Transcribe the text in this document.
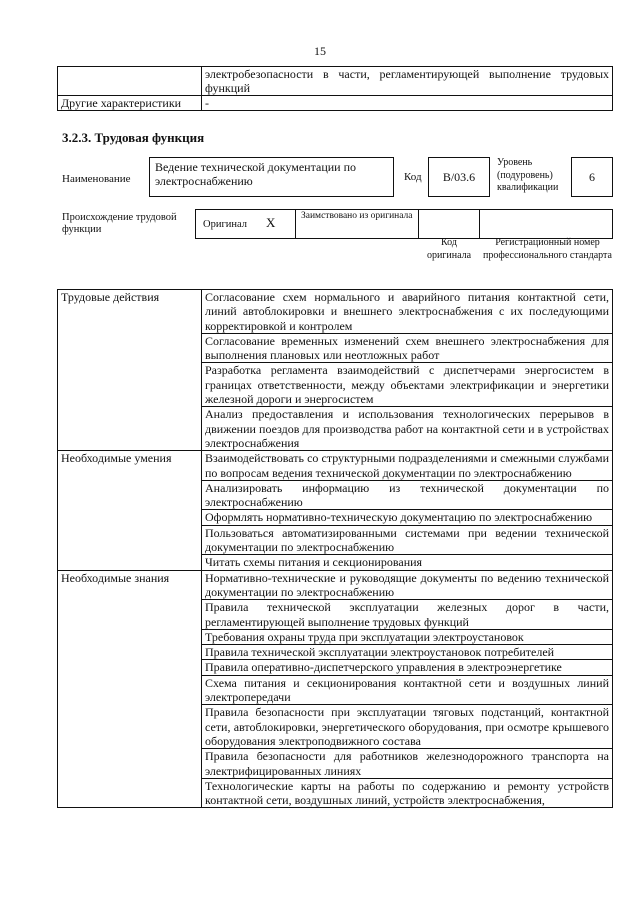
15
	электробезопасности в части, регламентирующей выполнение трудовых функций
Другие характеристики	-
3.2.3. Трудовая функция
Наименование
Ведение технической документации по электроснабжению	Код	В/03.6
Уровень (подуровень) квалификации
6
Происхождение трудовой функции	Оригинал X	Заимствовано из оригинала
Код оригинала
Регистрационный номер профессионального стандарта
Трудовые действия	Согласование схем нормального и аварийного питания контактной сети, линий автоблокировки и внешнего электроснабжения с их последующими корректировкой и контролем
	Согласование временных изменений схем внешнего электроснабжения для выполнения плановых или неотложных работ
	Разработка регламента взаимодействий с диспетчерами энергосистем в границах ответственности, между объектами электрификации и энергетики железной дороги и энергосистем
	Анализ предоставления и использования технологических перерывов в движении поездов для производства работ на контактной сети и в устройствах электроснабжения
Необходимые умения	Взаимодействовать со структурными подразделениями и смежными службами по вопросам ведения технической документации по электроснабжению
	Анализировать информацию из технической документации по электроснабжению
	Оформлять нормативно-техническую документацию по электроснабжению
	Пользоваться автоматизированными системами при ведении технической документации по электроснабжению
	Читать схемы питания и секционирования
Необходимые знания	Нормативно-технические и руководящие документы по ведению технической документации по электроснабжению
	Правила технической эксплуатации железных дорог в части, регламентирующей выполнение трудовых функций
	Требования охраны труда при эксплуатации электроустановок
	Правила технической эксплуатации электроустановок потребителей
	Правила оперативно-диспетчерского управления в электроэнергетике
	Схема питания и секционирования контактной сети и воздушных линий электропередачи
	Правила безопасности при эксплуатации тяговых подстанций, контактной сети, автоблокировки, энергетического оборудования, при осмотре крышевого оборудования электроподвижного состава
	Правила безопасности для работников железнодорожного транспорта на электрифицированных линиях
	Технологические карты на работы по содержанию и ремонту устройств контактной сети, воздушных линий, устройств электроснабжения,
